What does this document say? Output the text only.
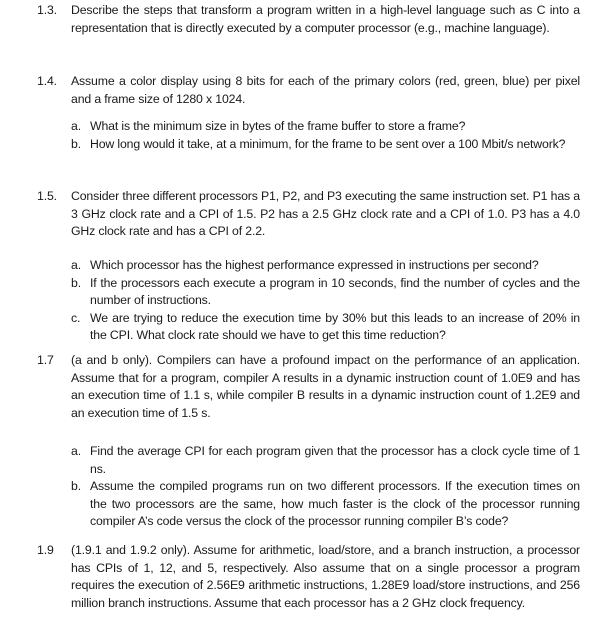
1.3. Describe the steps that transform a program written in a high-level language such as C into a representation that is directly executed by a computer processor (e.g., machine language).
1.4. Assume a color display using 8 bits for each of the primary colors (red, green, blue) per pixel and a frame size of 1280 x 1024.
a. What is the minimum size in bytes of the frame buffer to store a frame?
b. How long would it take, at a minimum, for the frame to be sent over a 100 Mbit/s network?
1.5. Consider three different processors P1, P2, and P3 executing the same instruction set. P1 has a 3 GHz clock rate and a CPI of 1.5. P2 has a 2.5 GHz clock rate and a CPI of 1.0. P3 has a 4.0 GHz clock rate and has a CPI of 2.2.
a. Which processor has the highest performance expressed in instructions per second?
b. If the processors each execute a program in 10 seconds, find the number of cycles and the number of instructions.
c. We are trying to reduce the execution time by 30% but this leads to an increase of 20% in the CPI. What clock rate should we have to get this time reduction?
1.7 (a and b only). Compilers can have a profound impact on the performance of an application. Assume that for a program, compiler A results in a dynamic instruction count of 1.0E9 and has an execution time of 1.1 s, while compiler B results in a dynamic instruction count of 1.2E9 and an execution time of 1.5 s.
a. Find the average CPI for each program given that the processor has a clock cycle time of 1 ns.
b. Assume the compiled programs run on two different processors. If the execution times on the two processors are the same, how much faster is the clock of the processor running compiler A’s code versus the clock of the processor running compiler B’s code?
1.9 (1.9.1 and 1.9.2 only). Assume for arithmetic, load/store, and a branch instruction, a processor has CPIs of 1, 12, and 5, respectively. Also assume that on a single processor a program requires the execution of 2.56E9 arithmetic instructions, 1.28E9 load/store instructions, and 256 million branch instructions. Assume that each processor has a 2 GHz clock frequency.
